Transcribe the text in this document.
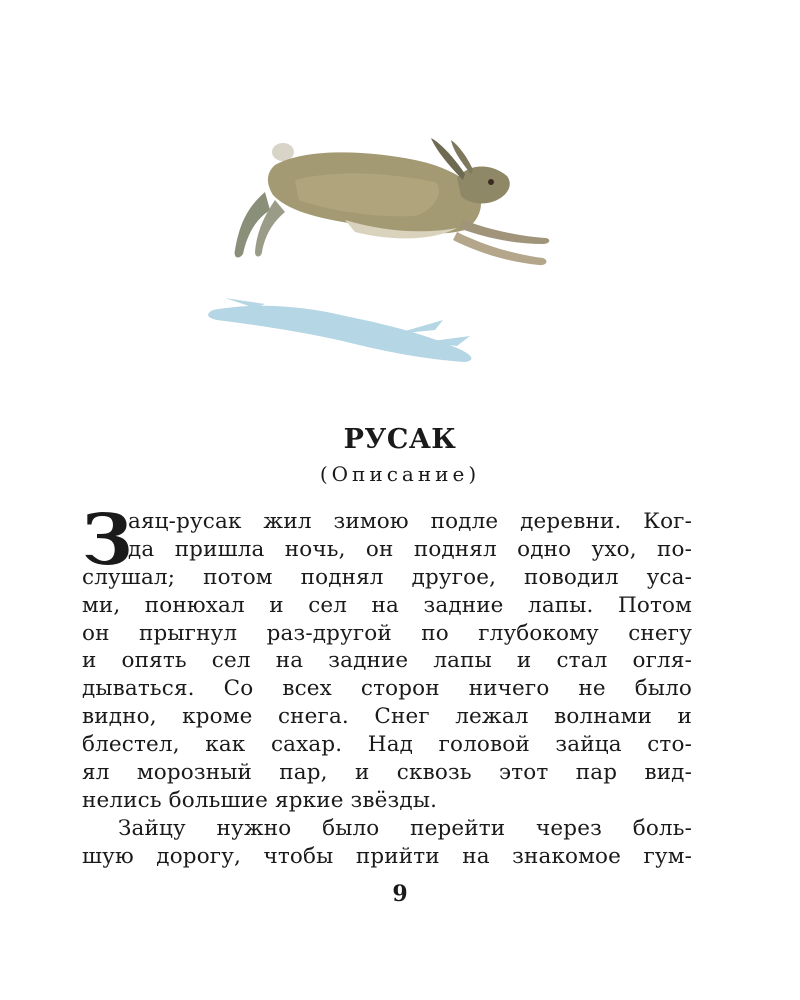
РУСАК
(Описание)
З
аяц-русак жил зимою подле деревни. Ког-
да пришла ночь, он поднял одно ухо, по-
слушал; потом поднял другое, поводил уса-
ми, понюхал и сел на задние лапы. Потом
он прыгнул раз-другой по глубокому снегу
и опять сел на задние лапы и стал огля-
дываться. Со всех сторон ничего не было
видно, кроме снега. Снег лежал волнами и
блестел, как сахар. Над головой зайца сто-
ял морозный пар, и сквозь этот пар вид-
нелись большие яркие звёзды.
Зайцу нужно было перейти через боль-
шую дорогу, чтобы прийти на знакомое гум-
9
